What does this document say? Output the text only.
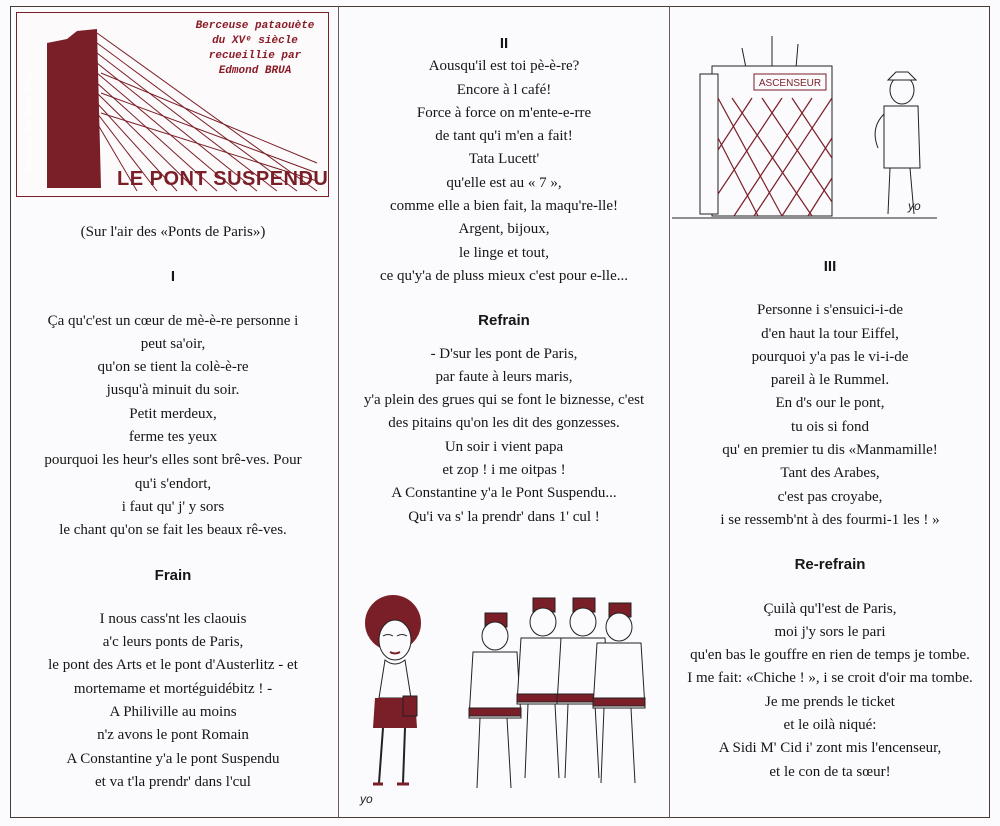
Berceuse pataouète
du XVᵉ siècle
recueillie par
Edmond BRUA
LE PONT SUSPENDU
Dessins de Jean Brua

(Sur l'air des «Ponts de Paris»)

I

Ça qu'c'est un cœur de mè-è-re personne i

peut sa'oir,

qu'on se tient la colè-è-re

jusqu'à minuit du soir.

Petit merdeux,

ferme tes yeux

pourquoi les heur's elles sont brê-ves. Pour

qu'i s'endort,

i faut qu' j' y sors

le chant qu'on se fait les beaux rê-ves.

Frain

I nous cass'nt les claouis

a'c leurs ponts de Paris,

le pont des Arts et le pont d'Austerlitz - et

mortemame et mortéguidébitz ! -

A Philiville au moins

n'z avons le pont Romain

A Constantine y'a le pont Suspendu

et va t'la prendr' dans l'cul

II

Aousqu'il est toi pè-è-re?

Encore à l café!

Force à force on m'ente-e-rre

de tant qu'i m'en a fait!

Tata Lucett'

qu'elle est au « 7 »,

comme elle a bien fait, la maqu're-lle!

Argent, bijoux,

le linge et tout,

ce qu'y'a de pluss mieux c'est pour e-lle...

Refrain

- D'sur les pont de Paris,

par faute à leurs maris,

y'a plein des grues qui se font le biznesse, c'est

des pitains qu'on les dit des gonzesses.

Un soir i vient papa

et zop ! i me oitpas !

A Constantine y'a le Pont Suspendu...

Qu'i va s' la prendr' dans 1' cul !

yo
ASCENSEUR
yo

III

Personne i s'ensuici-i-de

d'en haut la tour Eiffel,

pourquoi y'a pas le vi-i-de

pareil à le Rummel.

En d's our le pont,

tu ois si fond

qu' en premier tu dis «Manmamille!

Tant des Arabes,

c'est pas croyabe,

i se ressemb'nt à des fourmi-1 les ! »

Re-refrain

Çuilà qu'l'est de Paris,

moi j'y sors le pari

qu'en bas le gouffre en rien de temps je tombe.

I me fait: «Chiche ! », i se croit d'oir ma tombe.

Je me prends le ticket

et le oilà niqué:

A Sidi M' Cid i' zont mis l'encenseur,

et le con de ta sœur!
